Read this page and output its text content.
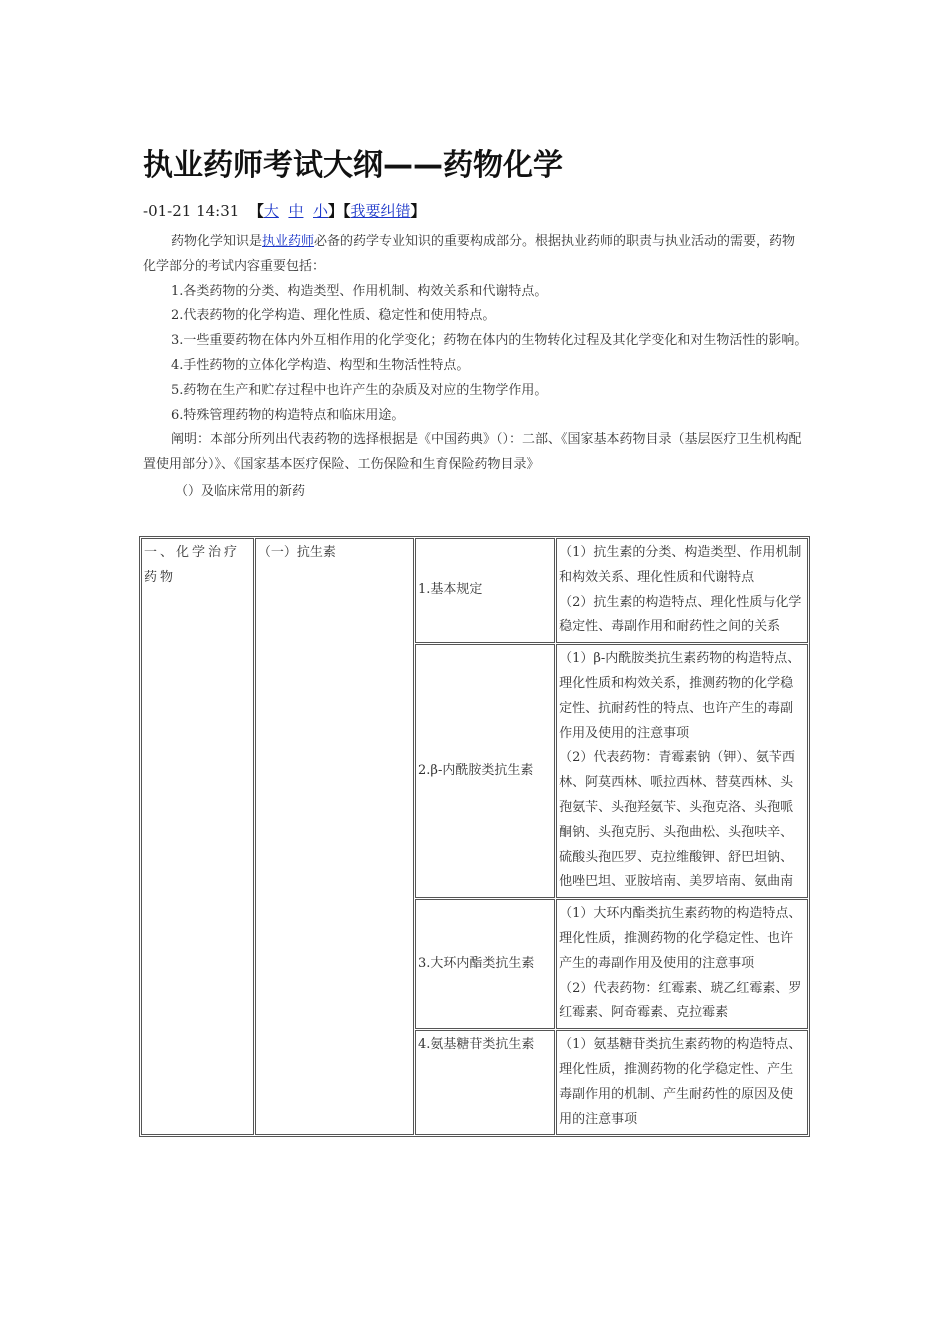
执业药师考试大纲——药物化学
-01-21 14:31 【大 中 小】【我要纠错】

药物化学知识是执业药师必备的药学专业知识的重要构成部分。根据执业药师的职责与执业活动的需要，药物化学部分的考试内容重要包括：

1.各类药物的分类、构造类型、作用机制、构效关系和代谢特点。

2.代表药物的化学构造、理化性质、稳定性和使用特点。

3.一些重要药物在体内外互相作用的化学变化；药物在体内的生物转化过程及其化学变化和对生物活性的影响。

4.手性药物的立体化学构造、构型和生物活性特点。

5.药物在生产和贮存过程中也许产生的杂质及对应的生物学作用。

6.特殊管理药物的构造特点和临床用途。

阐明：本部分所列出代表药物的选择根据是《中国药典》（）：二部、《国家基本药物目录（基层医疗卫生机构配置使用部分）》、《国家基本医疗保险、工伤保险和生育保险药物目录》

（）及临床常用的新药

一、化学治疗药物	（一）抗生素	1.基本规定	（1）抗生素的分类、构造类型、作用机制和构效关系、理化性质和代谢特点
（2）抗生素的构造特点、理化性质与化学稳定性、毒副作用和耐药性之间的关系

		2.β-内酰胺类抗生素	（1）β-内酰胺类抗生素药物的构造特点、理化性质和构效关系，推测药物的化学稳定性、抗耐药性的特点、也许产生的毒副作用及使用的注意事项
（2）代表药物：青霉素钠（钾）、氨苄西林、阿莫西林、哌拉西林、替莫西林、头孢氨苄、头孢羟氨苄、头孢克洛、头孢哌酮钠、头孢克肟、头孢曲松、头孢呋辛、硫酸头孢匹罗、克拉维酸钾、舒巴坦钠、他唑巴坦、亚胺培南、美罗培南、氨曲南

		3.大环内酯类抗生素	（1）大环内酯类抗生素药物的构造特点、理化性质，推测药物的化学稳定性、也许产生的毒副作用及使用的注意事项
（2）代表药物：红霉素、琥乙红霉素、罗红霉素、阿奇霉素、克拉霉素

		4.氨基糖苷类抗生素	（1）氨基糖苷类抗生素药物的构造特点、理化性质，推测药物的化学稳定性、产生毒副作用的机制、产生耐药性的原因及使用的注意事项
